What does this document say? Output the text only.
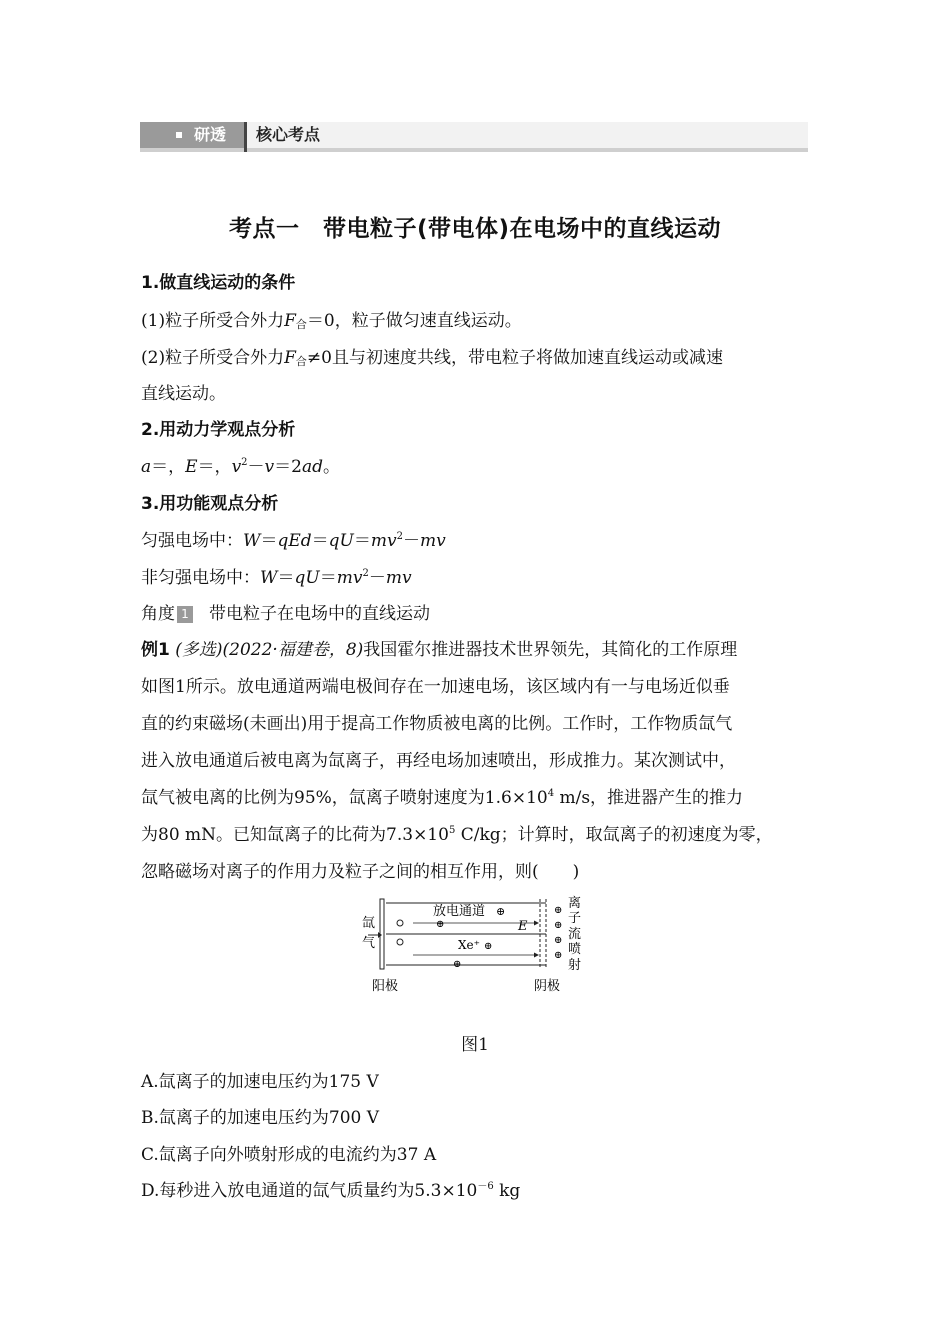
研透	核心考点
考点一　带电粒子(带电体)在电场中的直线运动
1.做直线运动的条件
(1)粒子所受合外力F合＝0，粒子做匀速直线运动。
(2)粒子所受合外力F合≠0且与初速度共线，带电粒子将做加速直线运动或减速
直线运动。
2.用动力学观点分析
a＝，E＝，$v^2-v=2ad$。
3.用功能观点分析
匀强电场中：$W=qEd=qU=mv^2-mv$
非匀强电场中：$W=qU=mv^2-mv$
角度 1 带电粒子在电场中的直线运动
例1 (多选)(2022·福建卷，8)我国霍尔推进器技术世界领先，其简化的工作原理
如图1所示。放电通道两端电极间存在一加速电场，该区域内有一与电场近似垂
直的约束磁场(未画出)用于提高工作物质被电离的比例。工作时，工作物质氙气
进入放电通道后被电离为氙离子，再经电场加速喷出，形成推力。某次测试中，
氙气被电离的比例为95%，氙离子喷射速度为$1.6\times 10^4$ m/s，推进器产生的推力
为80 mN。已知氙离子的比荷为$7.3\times 10^5$ C/kg；计算时，取氙离子的初速度为零，
忽略磁场对离子的作用力及粒子之间的相互作用，则(　　)
放电通道 ⊕
E
⊕
Xe⁺ ⊕
⊕
氙
气
阳极	阴极
⊕
⊕
⊕
⊕
离
子
流
喷
射
图1
A.氙离子的加速电压约为175 V
B.氙离子的加速电压约为700 V
C.氙离子向外喷射形成的电流约为37 A
D.每秒进入放电通道的氙气质量约为$5.3\times 10^{-6}$ kg
